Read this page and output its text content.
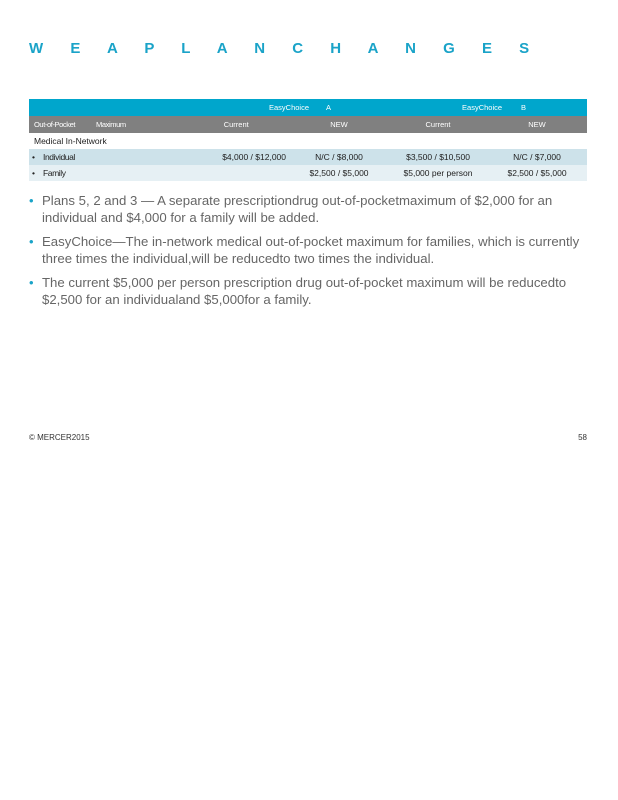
W E A P L A N C H A N G E S
	EasyChoice A		EasyChoice B	
Out-of-Pocket Maximum Current		NEW	Current	NEW
Medical In-Network				
• Individual	$4,000 / $12,000	N/C / $8,000	$3,500 / $10,500	N/C / $7,000
• Family		$2,500 / $5,000	$5,000 per person	$2,500 / $5,000
• Plans 5, 2 and 3 — A separate prescriptiondrug out-of-pocketmaximum of $2,000 for an individual and $4,000 for a family will be added.
• EasyChoice—The in-network medical out-of-pocket maximum for families, which is currently three times the individual,will be reducedto two times the individual.
• The current $5,000 per person prescription drug out-of-pocket maximum will be reducedto $2,500 for an individualand $5,000for a family.
© MERCER2015	58
